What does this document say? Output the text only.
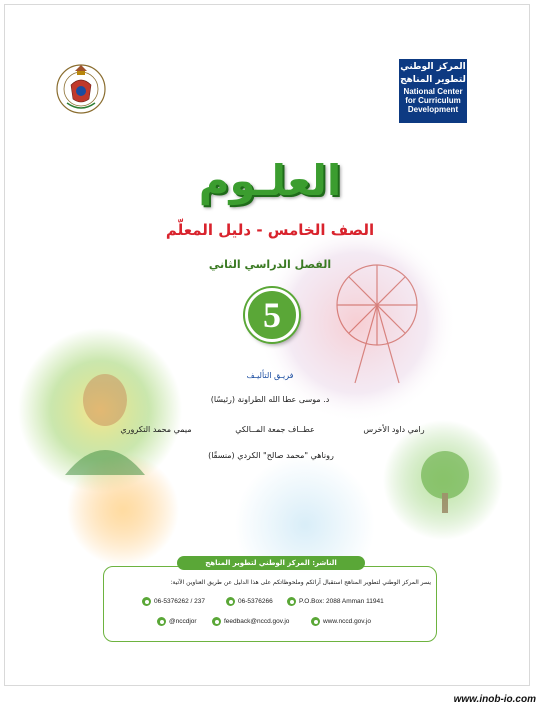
المركز الوطني
لتطوير المناهج
National Center
for Curriculum
Development
العلـوم
الصف الخامس - دليل المعلّم
الفصل الدراسي الثاني
5
فريـق التأليـف
د. موسى عطا الله الطراونة (رئيسًا)
رامي داود الأخرس
عطــاف جمعة المــالكي
ميمي محمد التكروري
روناهي "محمد صالح" الكردي (منسقًا)
الناشر: المركز الوطني لتطوير المناهج
يسر المركز الوطني لتطوير المناهج استقبال آرائكم وملحوظاتكم على هذا الدليل عن طريق العناوين الآتية:
06-5376262 / 237	06-5376266	P.O.Box: 2088 Amman 11941
@nccdjor	feedback@nccd.gov.jo	www.nccd.gov.jo
www.inob-io.com
